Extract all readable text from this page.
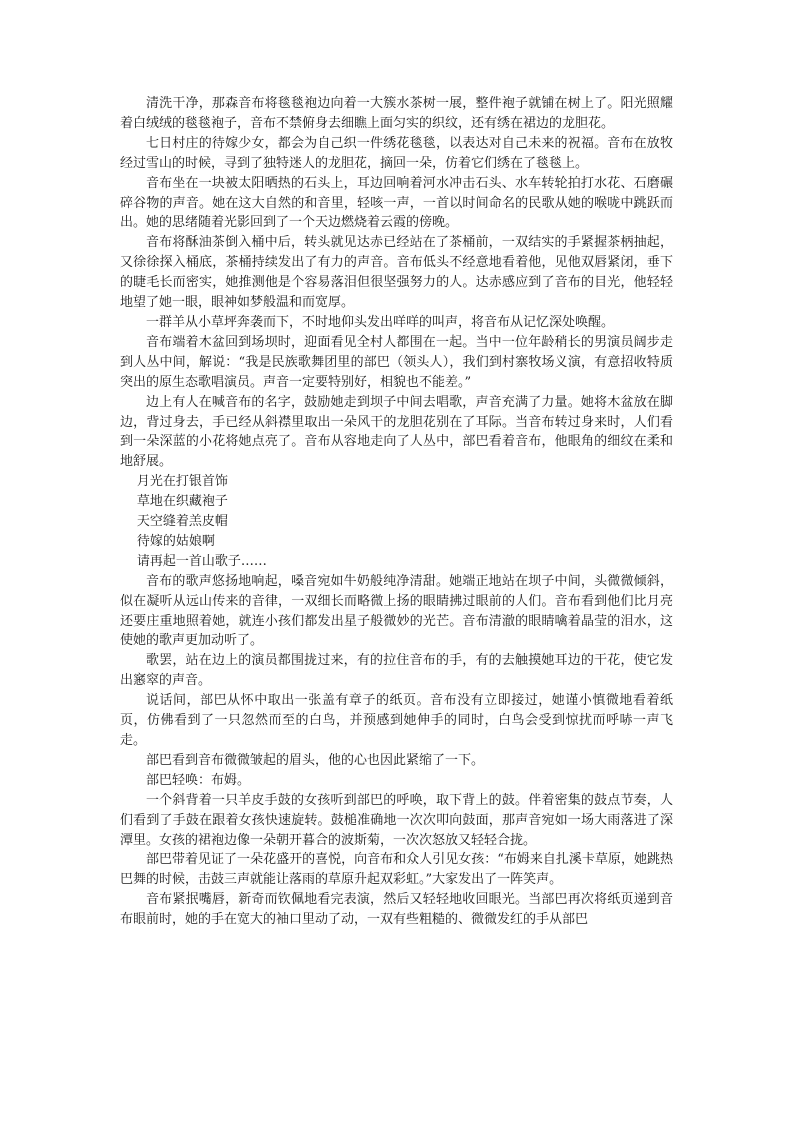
清洗干净，那森音布将毯毯袍边向着一大簇水茶树一展，整件袍子就铺在树上了。阳光照耀着白绒绒的毯毯袍子，音布不禁俯身去细瞧上面匀实的织纹，还有绣在裙边的龙胆花。

七日村庄的待嫁少女，都会为自己织一件绣花毯毯，以表达对自己未来的祝福。音布在放牧经过雪山的时候，寻到了独特迷人的龙胆花，摘回一朵，仿着它们绣在了毯毯上。

音布坐在一块被太阳晒热的石头上，耳边回响着河水冲击石头、水车转轮拍打水花、石磨碾碎谷物的声音。她在这大自然的和音里，轻咳一声，一首以时间命名的民歌从她的喉咙中跳跃而出。她的思绪随着光影回到了一个天边燃烧着云霞的傍晚。

音布将酥油茶倒入桶中后，转头就见达赤已经站在了茶桶前，一双结实的手紧握茶柄抽起，又徐徐探入桶底，茶桶持续发出了有力的声音。音布低头不经意地看着他，见他双唇紧闭，垂下的睫毛长而密实，她推测他是个容易落泪但很坚强努力的人。达赤感应到了音布的目光，他轻轻地望了她一眼，眼神如梦般温和而宽厚。

一群羊从小草坪奔袭而下，不时地仰头发出咩咩的叫声，将音布从记忆深处唤醒。

音布端着木盆回到场坝时，迎面看见全村人都围在一起。当中一位年龄稍长的男演员阔步走到人丛中间，解说：“我是民族歌舞团里的部巴（领头人），我们到村寨牧场义演，有意招收特质突出的原生态歌唱演员。声音一定要特别好，相貌也不能差。”

边上有人在喊音布的名字，鼓励她走到坝子中间去唱歌，声音充满了力量。她将木盆放在脚边，背过身去，手已经从斜襟里取出一朵风干的龙胆花别在了耳际。当音布转过身来时，人们看到一朵深蓝的小花将她点亮了。音布从容地走向了人丛中，部巴看着音布，他眼角的细纹在柔和地舒展。

月光在打银首饰

草地在织藏袍子

天空缝着羔皮帽

待嫁的姑娘啊

请再起一首山歌子……

音布的歌声悠扬地响起，嗓音宛如牛奶般纯净清甜。她端正地站在坝子中间，头微微倾斜，似在凝听从远山传来的音律，一双细长而略微上扬的眼睛拂过眼前的人们。音布看到他们比月亮还要庄重地照着她，就连小孩们都发出星子般微妙的光芒。音布清澈的眼睛噙着晶莹的泪水，这使她的歌声更加动听了。

歌罢，站在边上的演员都围拢过来，有的拉住音布的手，有的去触摸她耳边的干花，使它发出窸窣的声音。

说话间，部巴从怀中取出一张盖有章子的纸页。音布没有立即接过，她谨小慎微地看着纸页，仿佛看到了一只忽然而至的白鸟，并预感到她伸手的同时，白鸟会受到惊扰而呼哧一声飞走。

部巴看到音布微微皱起的眉头，他的心也因此紧缩了一下。

部巴轻唤：布姆。

一个斜背着一只羊皮手鼓的女孩听到部巴的呼唤，取下背上的鼓。伴着密集的鼓点节奏，人们看到了手鼓在跟着女孩快速旋转。鼓槌准确地一次次叩向鼓面，那声音宛如一场大雨落进了深潭里。女孩的裙袍边像一朵朝开暮合的波斯菊，一次次怒放又轻轻合拢。

部巴带着见证了一朵花盛开的喜悦，向音布和众人引见女孩：“布姆来自扎溪卡草原，她跳热巴舞的时候，击鼓三声就能让落雨的草原升起双彩虹。”大家发出了一阵笑声。

音布紧抿嘴唇，新奇而钦佩地看完表演，然后又轻轻地收回眼光。当部巴再次将纸页递到音布眼前时，她的手在宽大的袖口里动了动，一双有些粗糙的、微微发红的手从部巴
